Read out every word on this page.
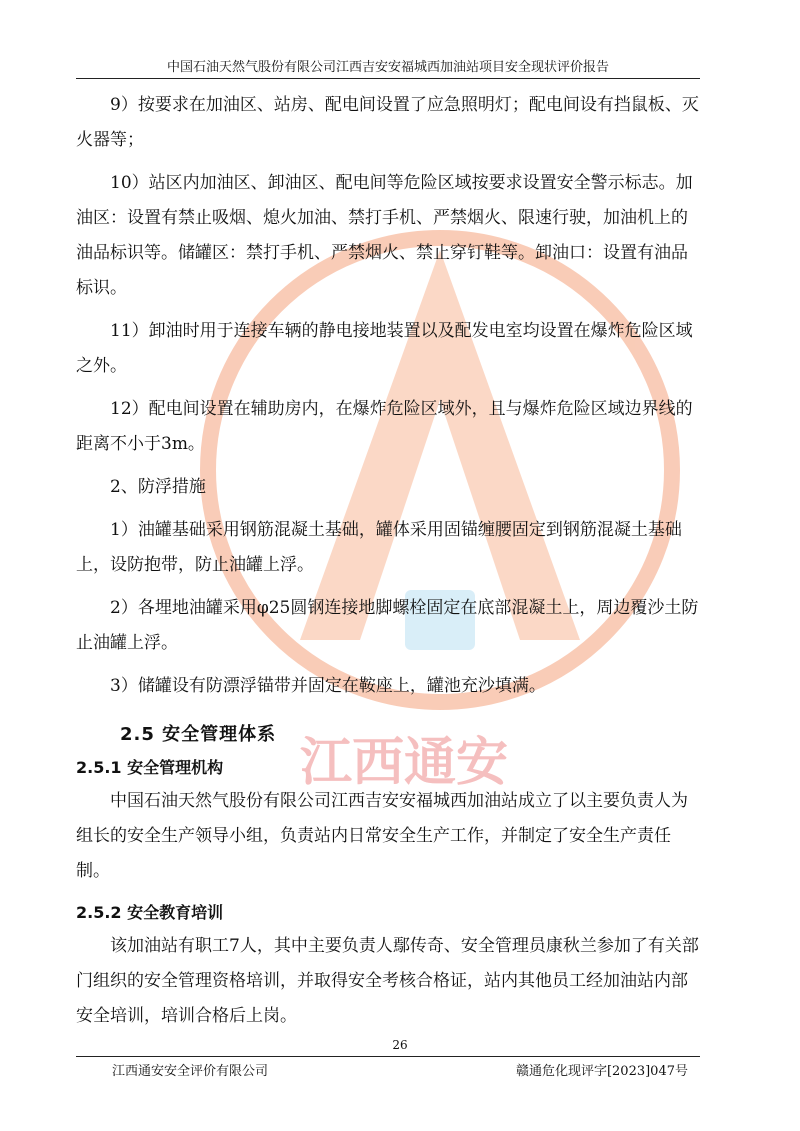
江西通安
中国石油天然气股份有限公司江西吉安安福城西加油站项目安全现状评价报告

9）按要求在加油区、站房、配电间设置了应急照明灯；配电间设有挡鼠板、灭火器等；

10）站区内加油区、卸油区、配电间等危险区域按要求设置安全警示标志。加油区：设置有禁止吸烟、熄火加油、禁打手机、严禁烟火、限速行驶，加油机上的油品标识等。储罐区：禁打手机、严禁烟火、禁止穿钉鞋等。卸油口：设置有油品标识。

11）卸油时用于连接车辆的静电接地装置以及配发电室均设置在爆炸危险区域之外。

12）配电间设置在辅助房内，在爆炸危险区域外，且与爆炸危险区域边界线的距离不小于3m。

2、防浮措施

1）油罐基础采用钢筋混凝土基础，罐体采用固锚缠腰固定到钢筋混凝土基础上，设防抱带，防止油罐上浮。

2）各埋地油罐采用φ25圆钢连接地脚螺栓固定在底部混凝土上，周边覆沙土防止油罐上浮。

3）储罐设有防漂浮锚带并固定在鞍座上，罐池充沙填满。

2.5 安全管理体系
2.5.1 安全管理机构

中国石油天然气股份有限公司江西吉安安福城西加油站成立了以主要负责人为组长的安全生产领导小组，负责站内日常安全生产工作，并制定了安全生产责任制。

2.5.2 安全教育培训

该加油站有职工7人，其中主要负责人鄢传奇、安全管理员康秋兰参加了有关部门组织的安全管理资格培训，并取得安全考核合格证，站内其他员工经加油站内部安全培训，培训合格后上岗。

26
江西通安安全评价有限公司	赣通危化现评字[2023]047号
